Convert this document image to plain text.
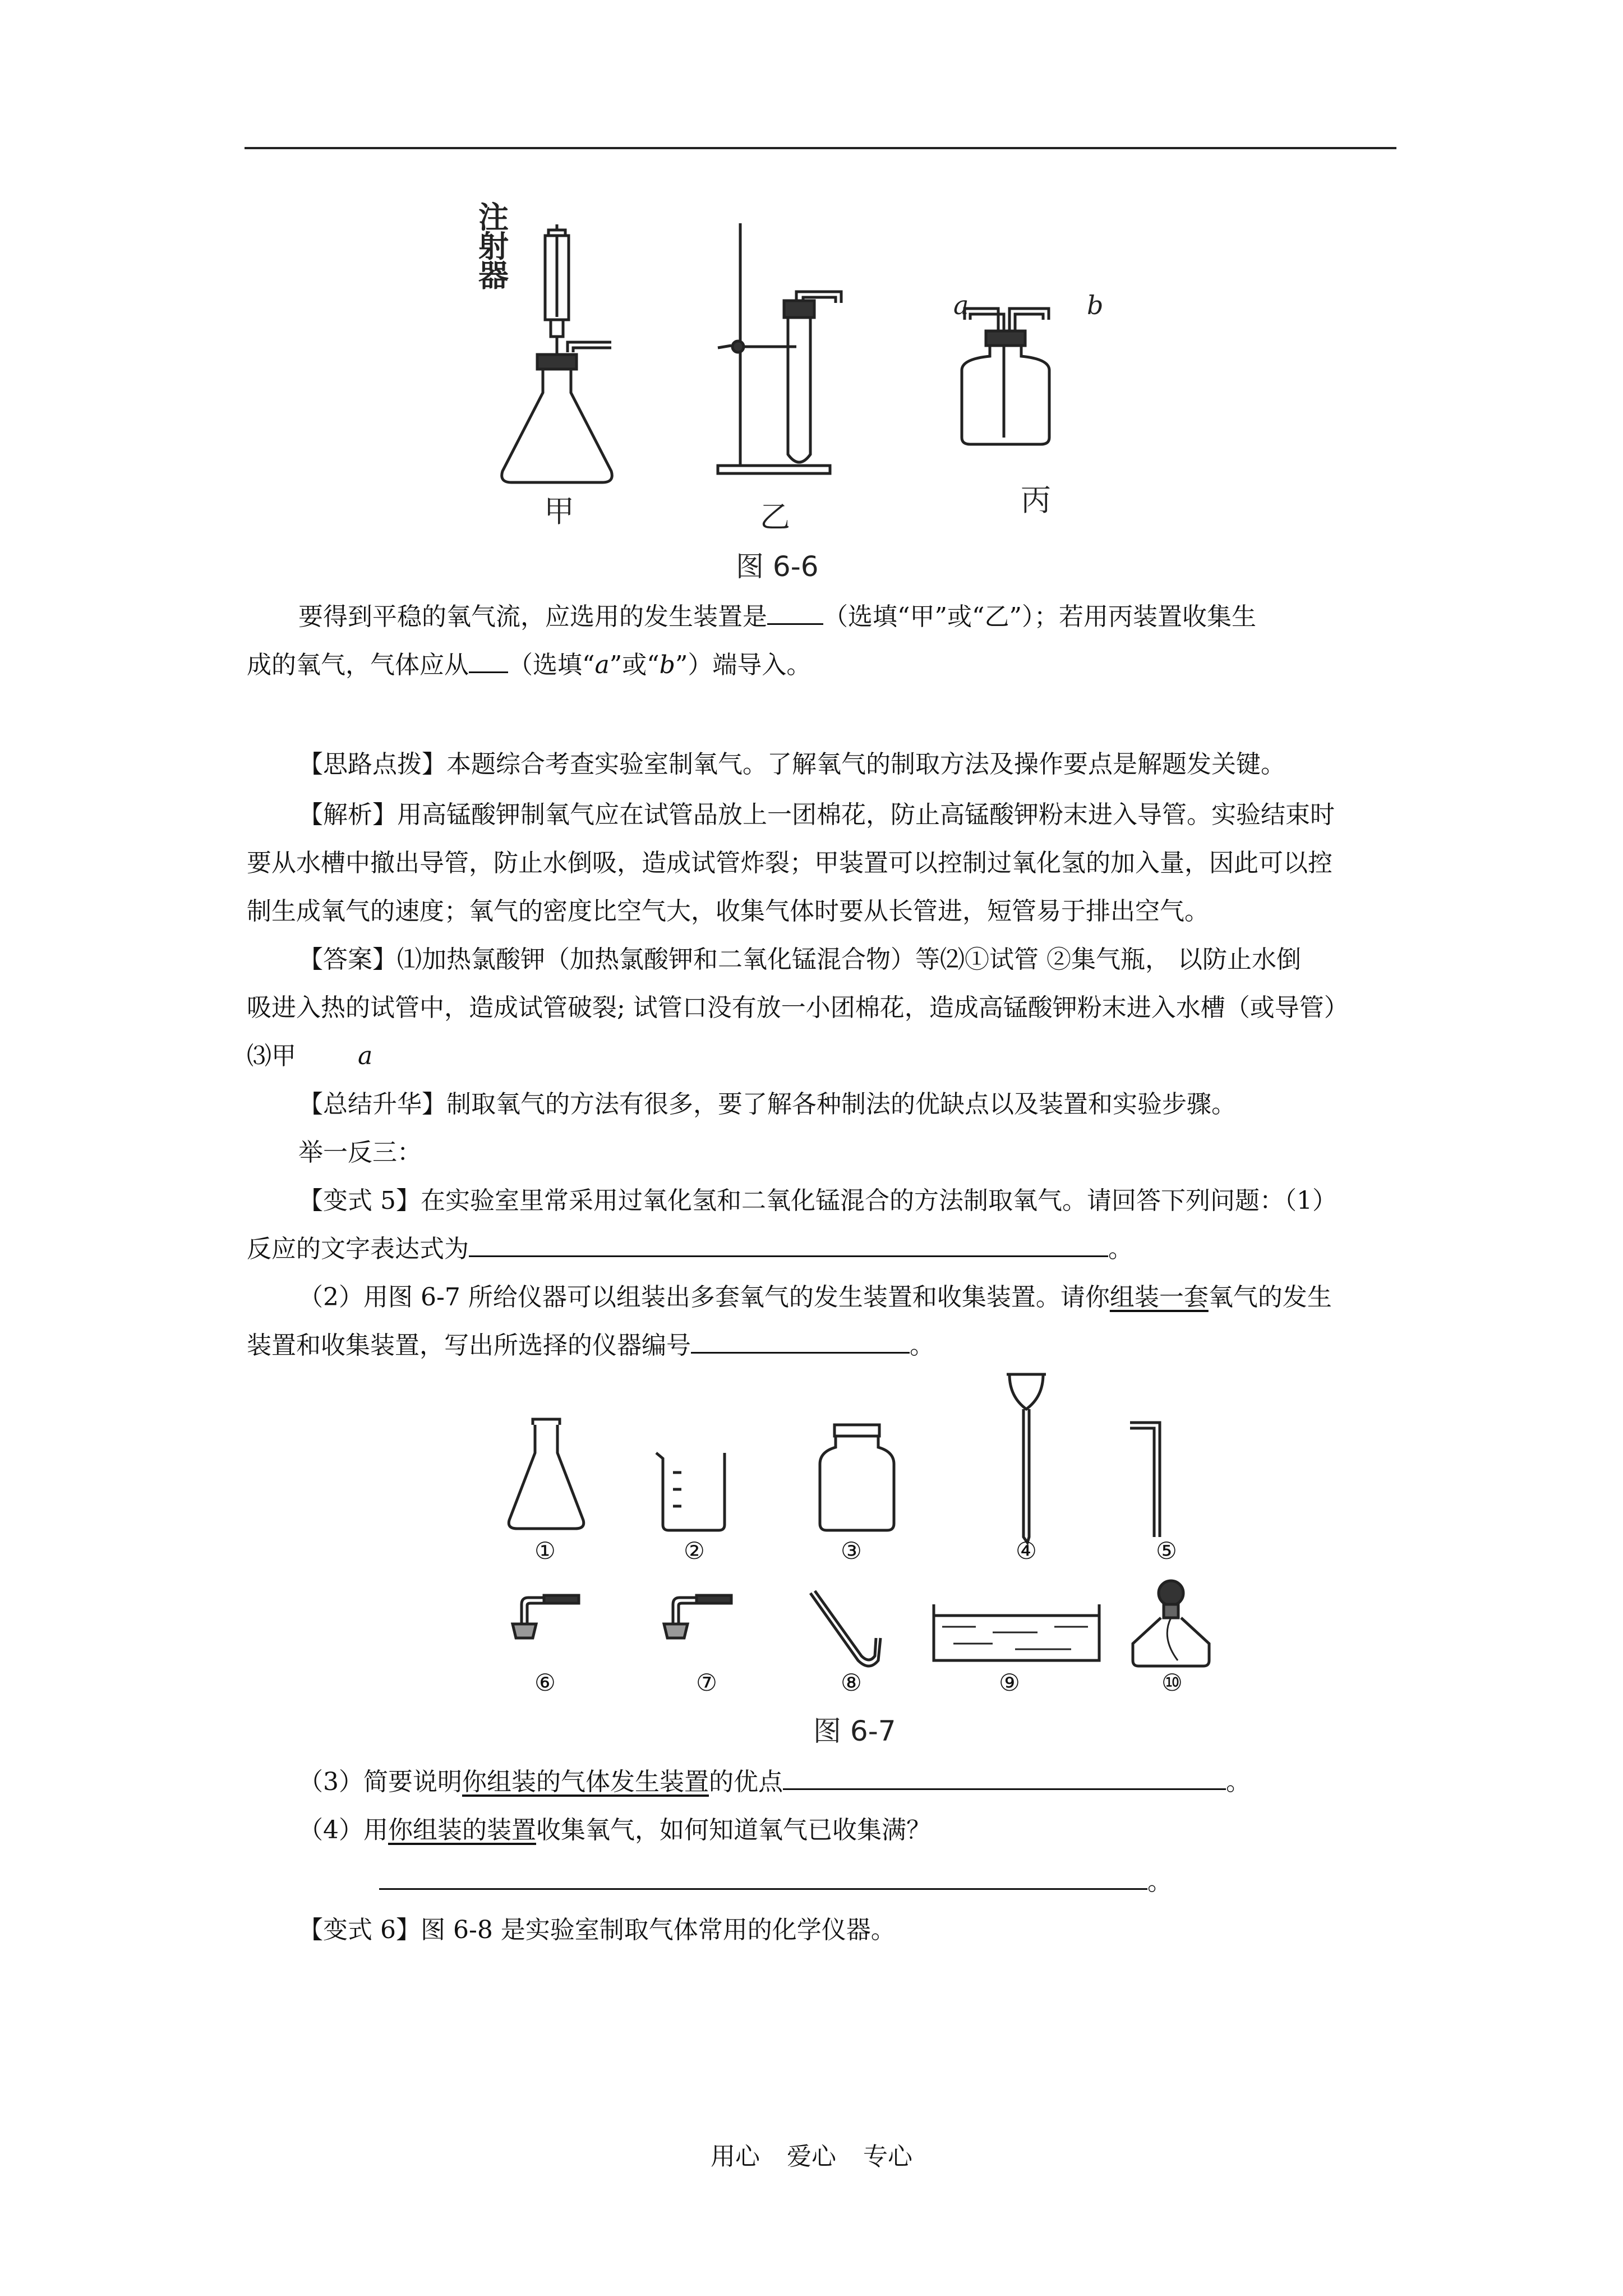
甲	乙
a	b
丙
注射器
图 6-6
要得到平稳的氧气流，应选用的发生装置是 （选填“甲”或“乙”）；若用丙装置收集生
成的氧气，气体应从 （选填“a”或“b”）端导入。
【思路点拨】本题综合考查实验室制氧气。了解氧气的制取方法及操作要点是解题发关键。
【解析】用高锰酸钾制氧气应在试管品放上一团棉花，防止高锰酸钾粉末进入导管。实验结束时
要从水槽中撤出导管，防止水倒吸，造成试管炸裂；甲装置可以控制过氧化氢的加入量，因此可以控
制生成氧气的速度；氧气的密度比空气大，收集气体时要从长管进，短管易于排出空气。
【答案】⑴加热氯酸钾（加热氯酸钾和二氧化锰混合物）等⑵①试管 ②集气瓶， 以防止水倒
吸进入热的试管中，造成试管破裂; 试管口没有放一小团棉花，造成高锰酸钾粉末进入水槽（或导管）
⑶甲	a
【总结升华】制取氧气的方法有很多，要了解各种制法的优缺点以及装置和实验步骤。
举一反三：
【变式 5】在实验室里常采用过氧化氢和二氧化锰混合的方法制取氧气。请回答下列问题：（1）
反应的文字表达式为	。
（2）用图 6-7 所给仪器可以组装出多套氧气的发生装置和收集装置。请你组装一套氧气的发生
装置和收集装置，写出所选择的仪器编号	。
①	②	③	④	⑤
⑥	⑦	⑧	⑨	⑩
图 6-7
（3）简要说明你组装的气体发生装置的优点	。
（4）用你组装的装置收集氧气，如何知道氧气已收集满？
。
【变式 6】图 6-8 是实验室制取气体常用的化学仪器。
用心 爱心 专心
